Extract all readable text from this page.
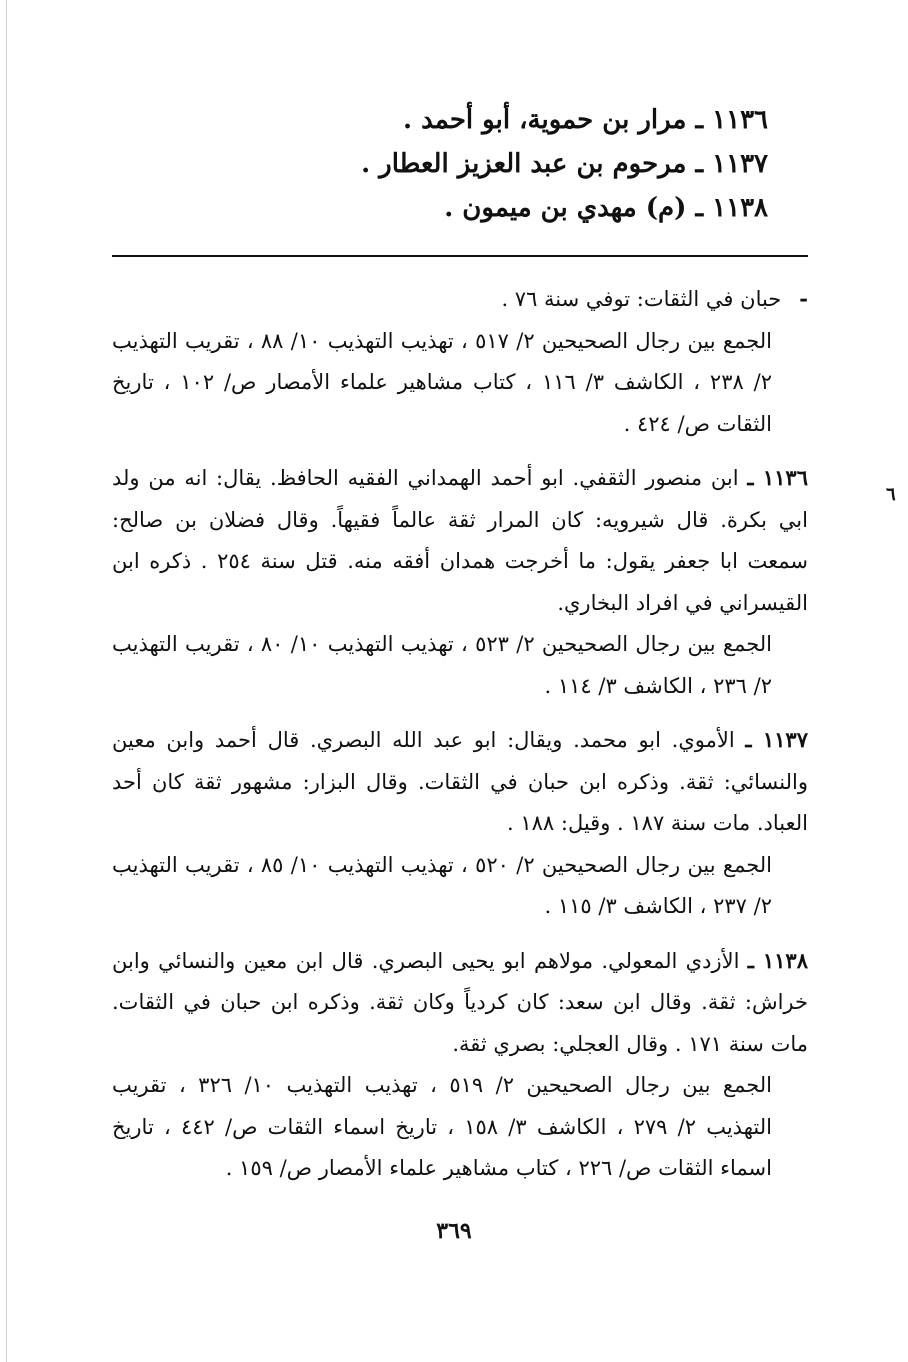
١١٣٦ ـ مرار بن حموية، أبو أحمد .
١١٣٧ ـ مرحوم بن عبد العزيز العطار .
١١٣٨ ـ (م) مهدي بن ميمون .
٦
-حبان في الثقات: توفي سنة ٧٦ .
الجمع بين رجال الصحيحين ٢/ ٥١٧ ، تهذيب التهذيب ١٠/ ٨٨ ، تقريب التهذيب ٢/ ٢٣٨ ، الكاشف ٣/ ١١٦ ، كتاب مشاهير علماء الأمصار ص/ ١٠٢ ، تاريخ الثقات ص/ ٤٢٤ .
١١٣٦ ـ ابن منصور الثقفي. ابو أحمد الهمداني الفقيه الحافظ. يقال: انه من ولد ابي بكرة. قال شيرويه: كان المرار ثقة عالماً فقيهاً. وقال فضلان بن صالح: سمعت ابا جعفر يقول: ما أخرجت همدان أفقه منه. قتل سنة ٢٥٤ . ذكره ابن القيسراني في افراد البخاري.
الجمع بين رجال الصحيحين ٢/ ٥٢٣ ، تهذيب التهذيب ١٠/ ٨٠ ، تقريب التهذيب ٢/ ٢٣٦ ، الكاشف ٣/ ١١٤ .
١١٣٧ ـ الأموي. ابو محمد. ويقال: ابو عبد الله البصري. قال أحمد وابن معين والنسائي: ثقة. وذكره ابن حبان في الثقات. وقال البزار: مشهور ثقة كان أحد العباد. مات سنة ١٨٧ . وقيل: ١٨٨ .
الجمع بين رجال الصحيحين ٢/ ٥٢٠ ، تهذيب التهذيب ١٠/ ٨٥ ، تقريب التهذيب ٢/ ٢٣٧ ، الكاشف ٣/ ١١٥ .
١١٣٨ ـ الأزدي المعولي. مولاهم ابو يحيى البصري. قال ابن معين والنسائي وابن خراش: ثقة. وقال ابن سعد: كان كردياً وكان ثقة. وذكره ابن حبان في الثقات. مات سنة ١٧١ . وقال العجلي: بصري ثقة.
الجمع بين رجال الصحيحين ٢/ ٥١٩ ، تهذيب التهذيب ١٠/ ٣٢٦ ، تقريب التهذيب ٢/ ٢٧٩ ، الكاشف ٣/ ١٥٨ ، تاريخ اسماء الثقات ص/ ٤٤٢ ، تاريخ اسماء الثقات ص/ ٢٢٦ ، كتاب مشاهير علماء الأمصار ص/ ١٥٩ .
٣٦٩
